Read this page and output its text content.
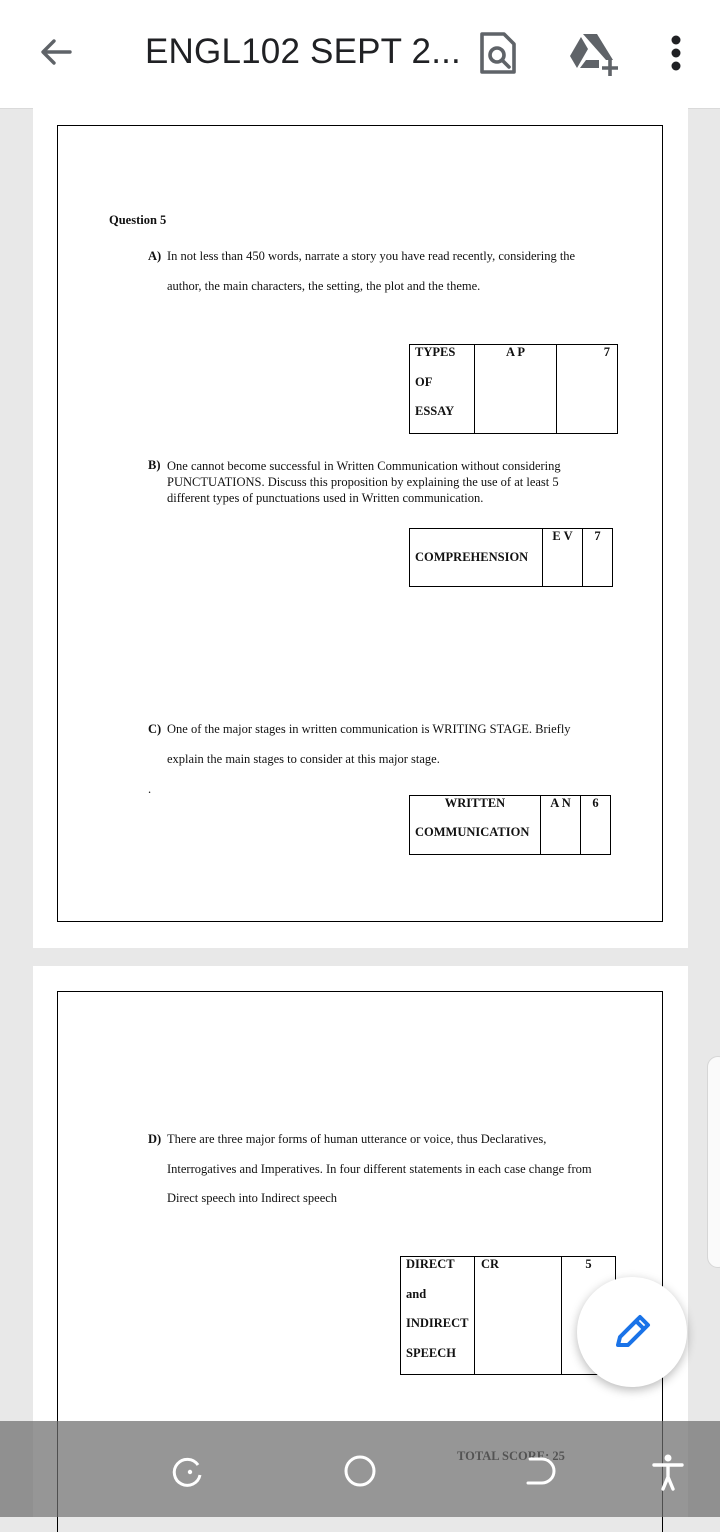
ENGL102 SEPT 2...
Question 5
A) In not less than 450 words, narrate a story you have read recently, considering the
author, the main characters, the setting, the plot and the theme.
TYPES
OF
ESSAY
	A P	7
B) One cannot become successful in Written Communication without considering
PUNCTUATIONS. Discuss this proposition by explaining the use of at least 5
different types of punctuations used in Written communication.
COMPREHENSION	E V	7
C) One of the major stages in written communication is WRITING STAGE. Briefly
explain the main stages to consider at this major stage.
.
WRITTEN
COMMUNICATION
	A N	6
D) There are three major forms of human utterance or voice, thus Declaratives,
Interrogatives and Imperatives. In four different statements in each case change from
Direct speech into Indirect speech
DIRECT
and
INDIRECT
SPEECH
	CR	5
